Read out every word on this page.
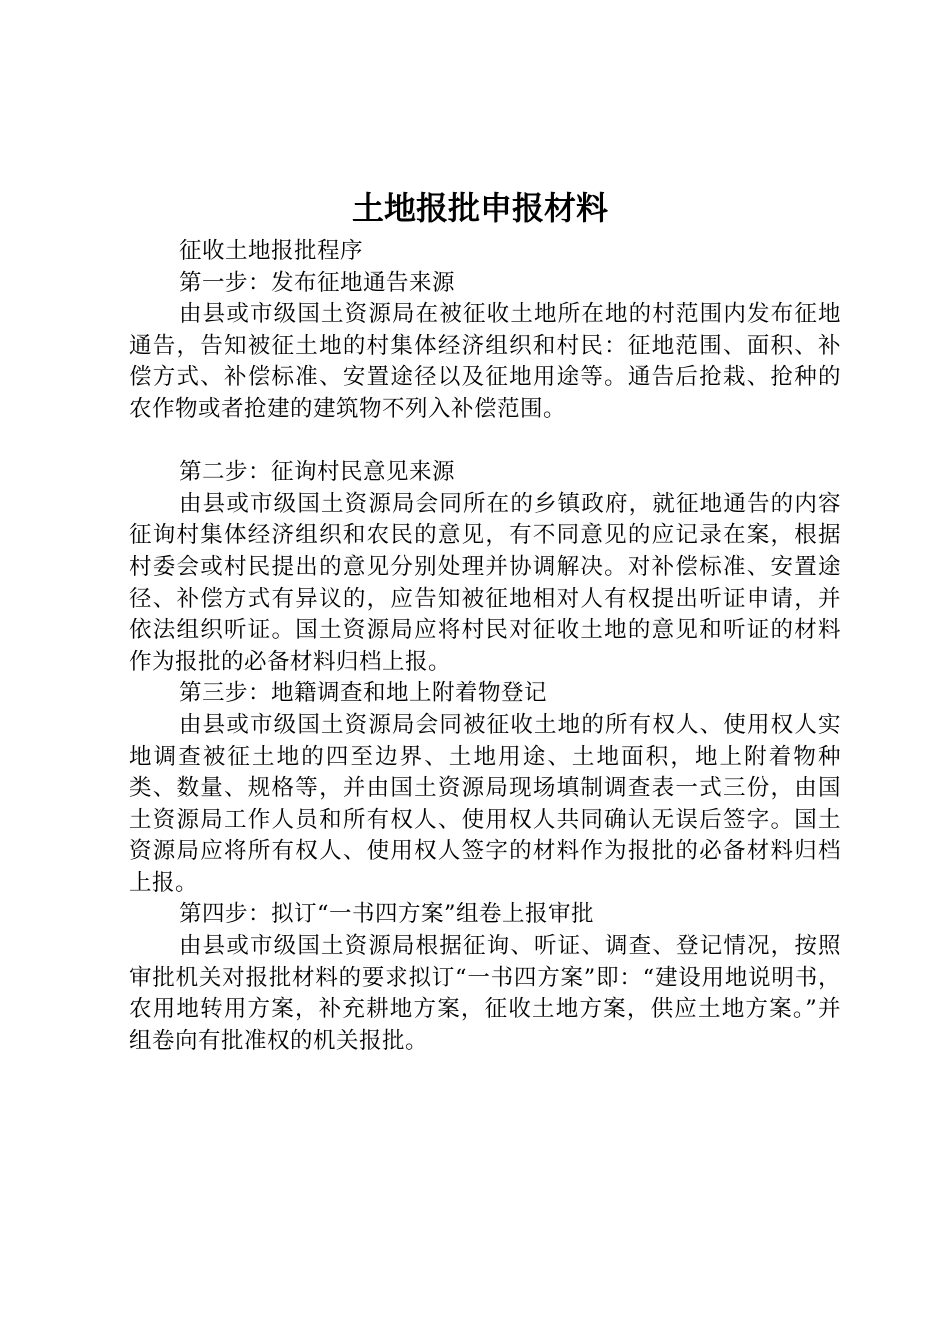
土地报批申报材料

征收土地报批程序

第一步：发布征地通告来源

由县或市级国土资源局在被征收土地所在地的村范围内发布征地通告，告知被征土地的村集体经济组织和村民：征地范围、面积、补偿方式、补偿标准、安置途径以及征地用途等。通告后抢栽、抢种的农作物或者抢建的建筑物不列入补偿范围。

第二步：征询村民意见来源

由县或市级国土资源局会同所在的乡镇政府，就征地通告的内容征询村集体经济组织和农民的意见，有不同意见的应记录在案，根据村委会或村民提出的意见分别处理并协调解决。对补偿标准、安置途径、补偿方式有异议的，应告知被征地相对人有权提出听证申请，并依法组织听证。国土资源局应将村民对征收土地的意见和听证的材料作为报批的必备材料归档上报。

第三步：地籍调查和地上附着物登记

由县或市级国土资源局会同被征收土地的所有权人、使用权人实地调查被征土地的四至边界、土地用途、土地面积，地上附着物种类、数量、规格等，并由国土资源局现场填制调查表一式三份，由国土资源局工作人员和所有权人、使用权人共同确认无误后签字。国土资源局应将所有权人、使用权人签字的材料作为报批的必备材料归档上报。

第四步：拟订“一书四方案”组卷上报审批

由县或市级国土资源局根据征询、听证、调查、登记情况，按照审批机关对报批材料的要求拟订“一书四方案”即：“建设用地说明书，农用地转用方案，补充耕地方案，征收土地方案，供应土地方案。”并组卷向有批准权的机关报批。
